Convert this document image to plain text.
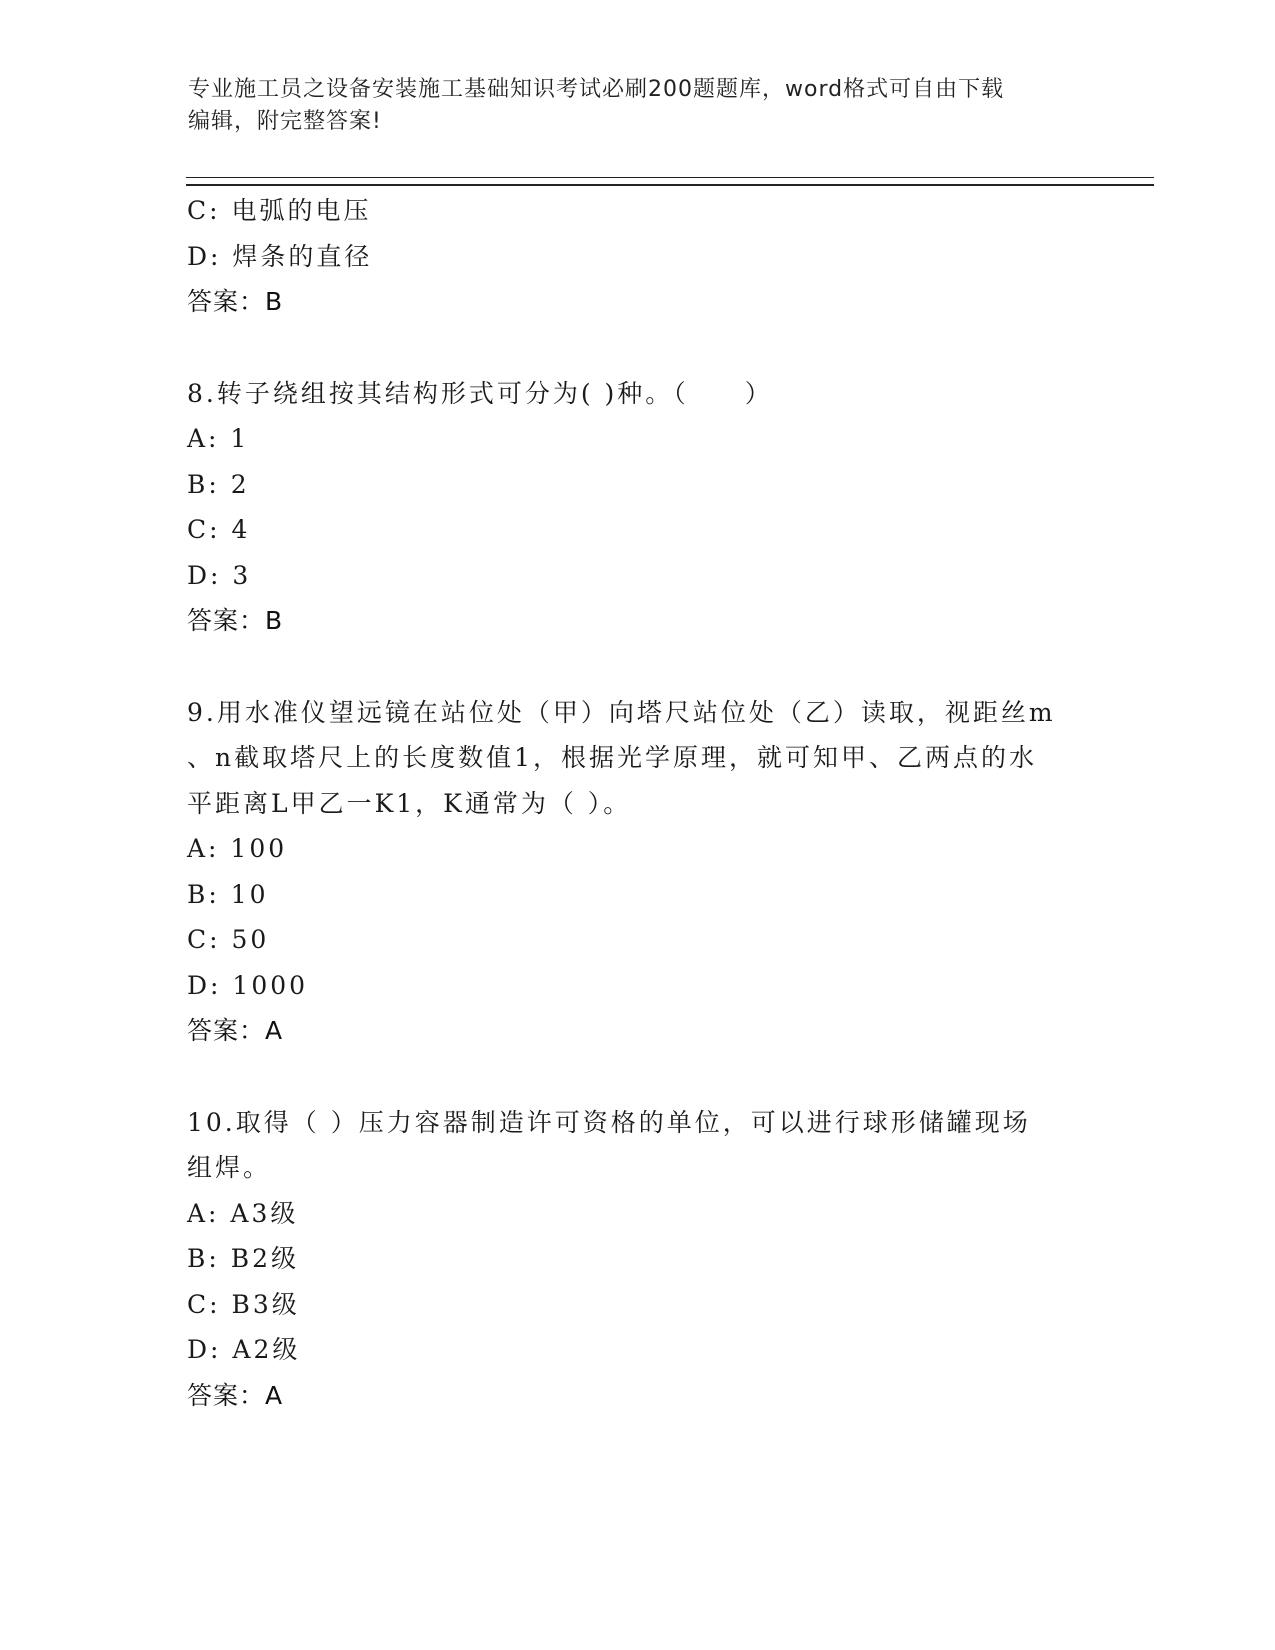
专业施工员之设备安装施工基础知识考试必刷200题题库，word格式可自由下载
编辑，附完整答案!
C: 电弧的电压
D: 焊条的直径
答案：B
8.转子绕组按其结构形式可分为( )种。（　　）
A: 1
B: 2
C: 4
D: 3
答案：B
9.用水准仪望远镜在站位处（甲）向塔尺站位处（乙）读取，视距丝m
、n截取塔尺上的长度数值1，根据光学原理，就可知甲、乙两点的水
平距离L甲乙一K1，K通常为（ ）。
A: 100
B: 10
C: 50
D: 1000
答案：A
10.取得（ ）压力容器制造许可资格的单位，可以进行球形储罐现场
组焊。
A: A3级
B: B2级
C: B3级
D: A2级
答案：A
